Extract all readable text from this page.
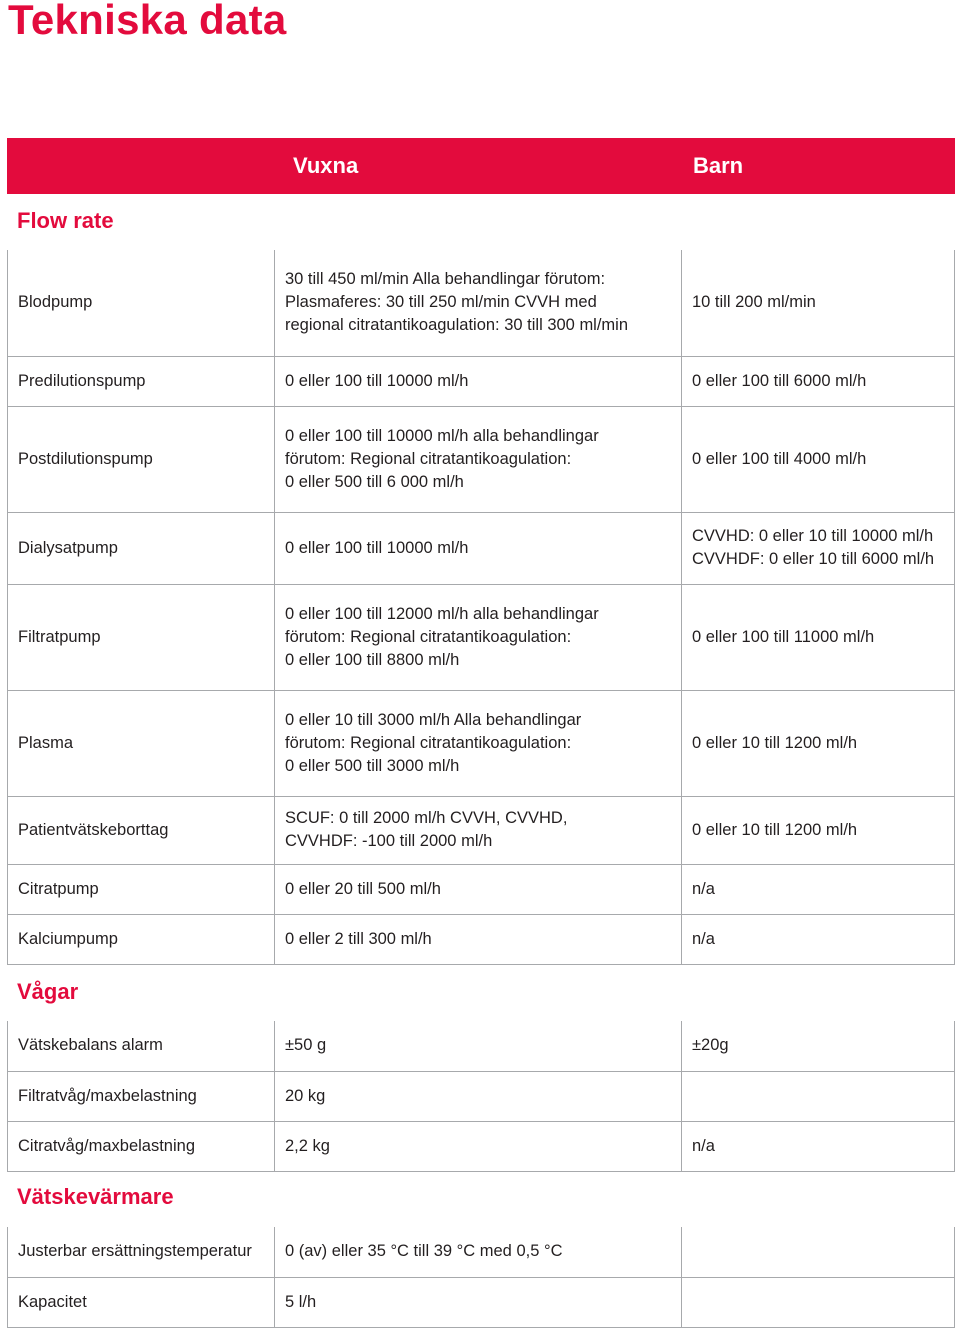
Tekniska data
Vuxna	Barn
Flow rate
Blodpump	30 till 450 ml/min Alla behandlingar förutom:
Plasmaferes: 30 till 250 ml/min CVVH med
regional citratantikoagulation: 30 till 300 ml/min	10 till 200 ml/min
Predilutionspump	0 eller 100 till 10000 ml/h	0 eller 100 till 6000 ml/h
Postdilutionspump	0 eller 100 till 10000 ml/h alla behandlingar
förutom: Regional citratantikoagulation:
0 eller 500 till 6 000 ml/h	0 eller 100 till 4000 ml/h
Dialysatpump	0 eller 100 till 10000 ml/h	CVVHD: 0 eller 10 till 10000 ml/h
CVVHDF: 0 eller 10 till 6000 ml/h
Filtratpump	0 eller 100 till 12000 ml/h alla behandlingar
förutom: Regional citratantikoagulation:
0 eller 100 till 8800 ml/h	0 eller 100 till 11000 ml/h
Plasma	0 eller 10 till 3000 ml/h Alla behandlingar
förutom: Regional citratantikoagulation:
0 eller 500 till 3000 ml/h	0 eller 10 till 1200 ml/h
Patientvätskeborttag	SCUF: 0 till 2000 ml/h CVVH, CVVHD,
CVVHDF: -100 till 2000 ml/h	0 eller 10 till 1200 ml/h
Citratpump	0 eller 20 till 500 ml/h	n/a
Kalciumpump	0 eller 2 till 300 ml/h	n/a
Vågar
Vätskebalans alarm	±50 g	±20g
Filtratvåg/maxbelastning	20 kg	
Citratvåg/maxbelastning	2,2 kg	n/a
Vätskevärmare
Justerbar ersättningstemperatur	0 (av) eller 35 °C till 39 °C med 0,5 °C	
Kapacitet	5 l/h	
